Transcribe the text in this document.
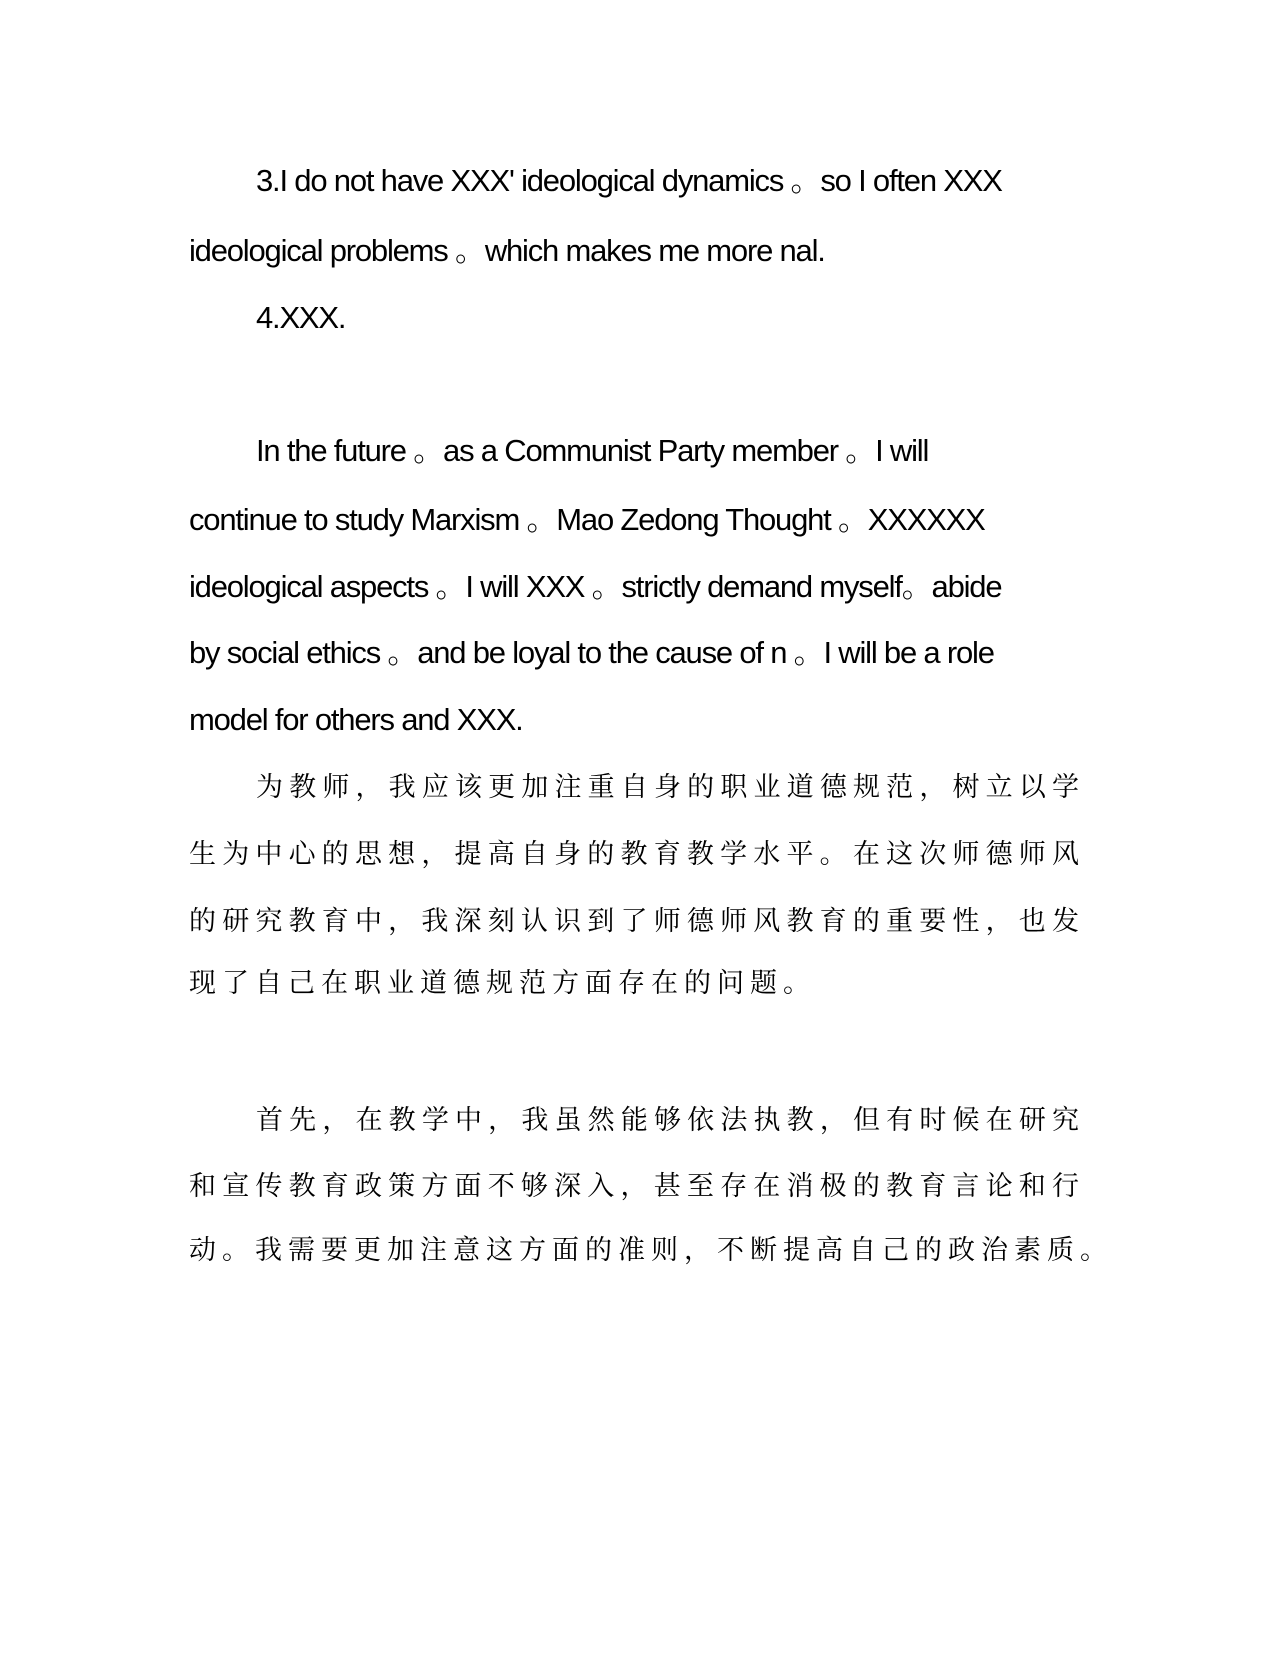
3.I do not have XXX' ideological dynamics 。so I often XXX
ideological problems 。which makes me more nal.
4.XXX.
In the future 。as a Communist Party member 。I will
continue to study Marxism 。Mao Zedong Thought 。XXXXXX
ideological aspects 。I will XXX 。strictly demand myself。abide
by social ethics 。and be loyal to the cause of n 。I will be a role
model for others and XXX.
为教师，我应该更加注重自身的职业道德规范，树立以学
生为中心的思想，提高自身的教育教学水平。在这次师德师风
的研究教育中，我深刻认识到了师德师风教育的重要性，也发
现了自己在职业道德规范方面存在的问题。
首先，在教学中，我虽然能够依法执教，但有时候在研究
和宣传教育政策方面不够深入，甚至存在消极的教育言论和行
动。我需要更加注意这方面的准则，不断提高自己的政治素质。
